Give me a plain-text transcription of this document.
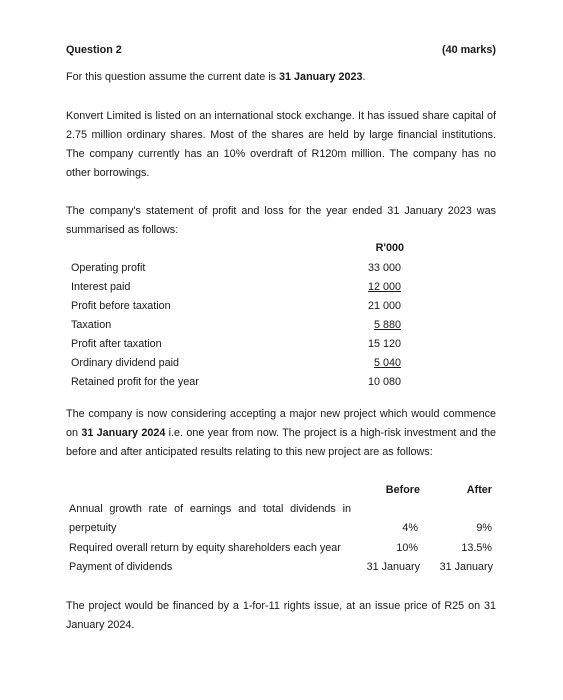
Question 2	(40 marks)
For this question assume the current date is 31 January 2023.
Konvert Limited is listed on an international stock exchange. It has issued share capital of 2.75 million ordinary shares. Most of the shares are held by large financial institutions. The company currently has an 10% overdraft of R120m million. The company has no other borrowings.
The company's statement of profit and loss for the year ended 31 January 2023 was summarised as follows:
R'000
Operating profit	33 000
Interest paid	12 000
Profit before taxation	21 000
Taxation	5 880
Profit after taxation	15 120
Ordinary dividend paid	5 040
Retained profit for the year	10 080
The company is now considering accepting a major new project which would commence on 31 January 2024 i.e. one year from now. The project is a high-risk investment and the before and after anticipated results relating to this new project are as follows:
Before	After
Annual growth rate of earnings and total dividends in
perpetuity	4%	9%
Required overall return by equity shareholders each year	10%	13.5%
Payment of dividends	31 January	31 January
The project would be financed by a 1-for-11 rights issue, at an issue price of R25 on 31 January 2024.
